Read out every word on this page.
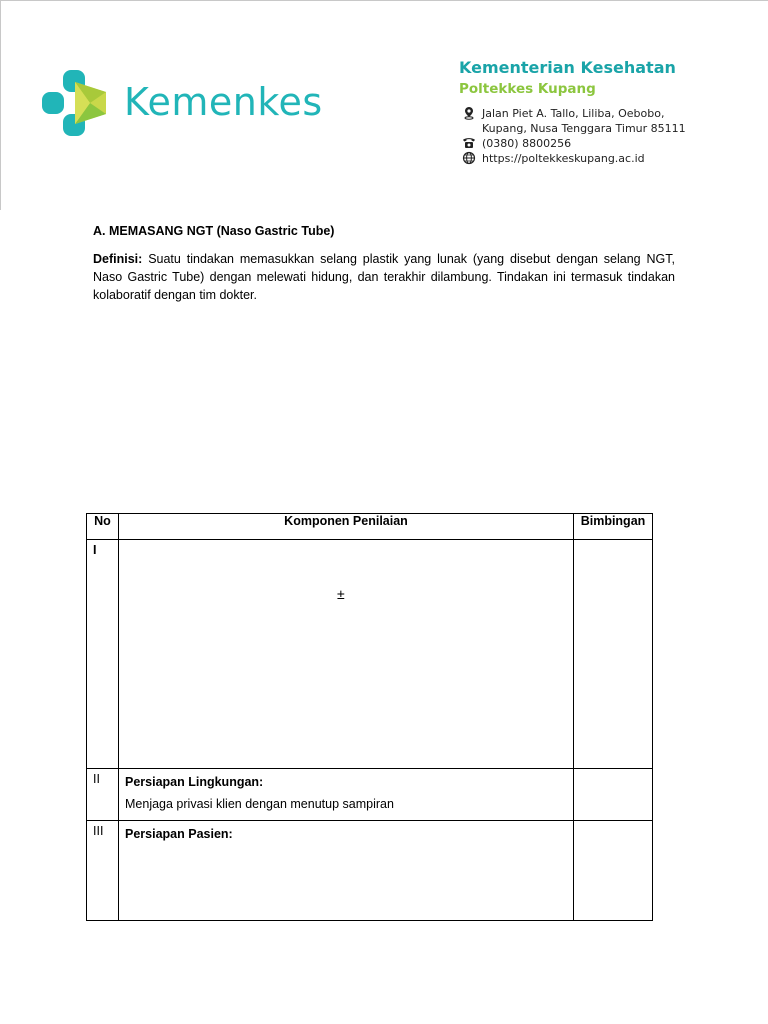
Kemenkes
Kementerian Kesehatan
Poltekkes Kupang
Jalan Piet A. Tallo, Liliba, Oebobo,
Kupang, Nusa Tenggara Timur 85111
(0380) 8800256
https://poltekkeskupang.ac.id
A. MEMASANG NGT (Naso Gastric Tube)
Definisi: Suatu tindakan memasukkan selang plastik yang lunak (yang disebut dengan selang NGT, Naso Gastric Tube) dengan melewati hidung, dan terakhir dilambung. Tindakan ini termasuk tindakan kolaboratif dengan tim dokter.
No	Komponen Penilaian	Bimbingan
I	±	

II	Persiapan Lingkungan:
Menjaga privasi klien dengan menutup sampiran	

III	Persiapan Pasien:	
